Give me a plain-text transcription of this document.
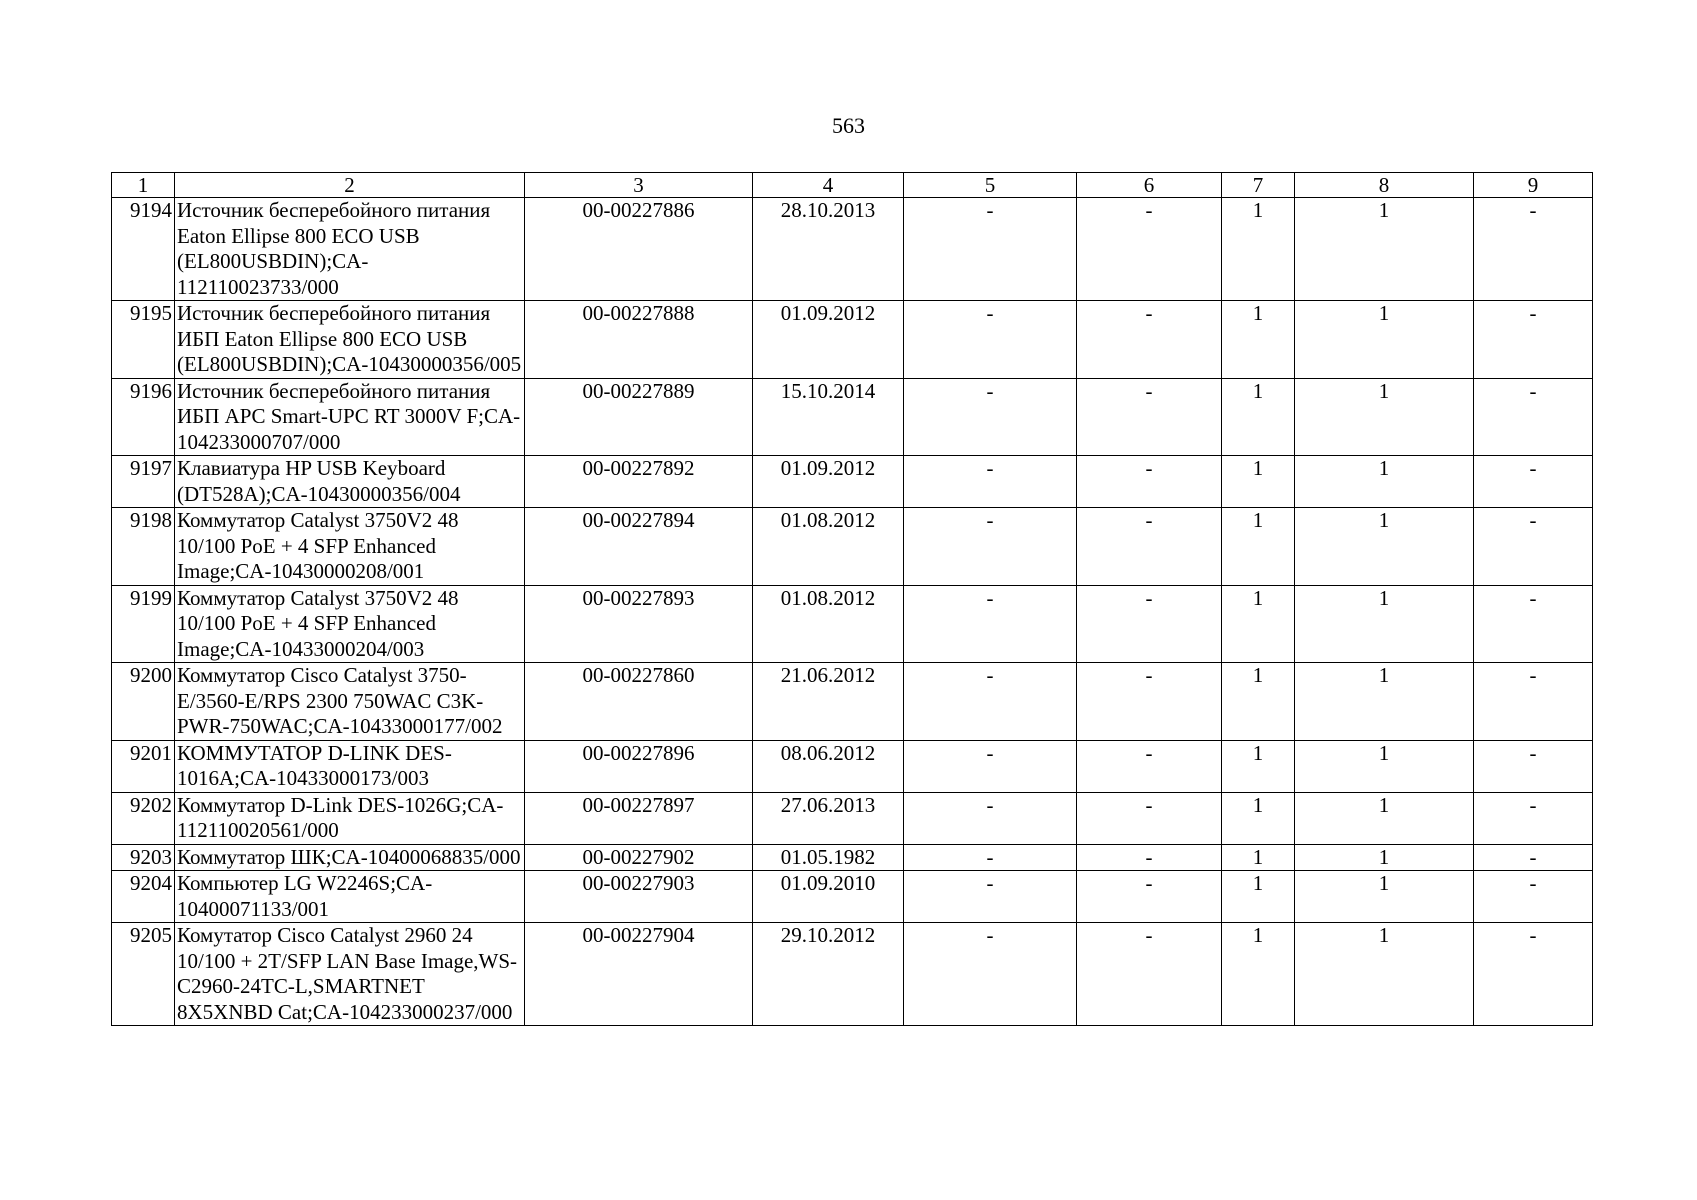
563
1	2	3	4	5	6	7	8	9
9194	Источник бесперебойного питания Eaton Ellipse 800 ECO USB (EL800USBDIN);CA-112110023733/000	00-00227886	28.10.2013	-	-	1	1	-
9195	Источник бесперебойного питания ИБП Eaton Ellipse 800 ECO USB (EL800USBDIN);CA-10430000356/005	00-00227888	01.09.2012	-	-	1	1	-
9196	Источник бесперебойного питания ИБП APC Smart-UPC RT 3000V F;CA-104233000707/000	00-00227889	15.10.2014	-	-	1	1	-
9197	Клавиатура HP USB Keyboard (DT528A);CA-10430000356/004	00-00227892	01.09.2012	-	-	1	1	-
9198	Коммутатор Catalyst 3750V2 48 10/100 PoE + 4 SFP Enhanced Image;CA-10430000208/001	00-00227894	01.08.2012	-	-	1	1	-
9199	Коммутатор Catalyst 3750V2 48 10/100 PoE + 4 SFP Enhanced Image;CA-10433000204/003	00-00227893	01.08.2012	-	-	1	1	-
9200	Коммутатор Cisco Catalyst 3750-E/3560-E/RPS 2300 750WAC C3K-PWR-750WAC;CA-10433000177/002	00-00227860	21.06.2012	-	-	1	1	-
9201	КОММУТАТОР D-LINK DES-1016A;CA-10433000173/003	00-00227896	08.06.2012	-	-	1	1	-
9202	Коммутатор D-Link DES-1026G;CA-112110020561/000	00-00227897	27.06.2013	-	-	1	1	-
9203	Коммутатор ШК;CA-10400068835/000	00-00227902	01.05.1982	-	-	1	1	-
9204	Компьютер LG W2246S;CA-10400071133/001	00-00227903	01.09.2010	-	-	1	1	-
9205	Комутатор Cisco Catalyst 2960 24 10/100 + 2T/SFP LAN Base Image,WS-C2960-24TC-L,SMARTNET 8X5XNBD Cat;CA-104233000237/000	00-00227904	29.10.2012	-	-	1	1	-
